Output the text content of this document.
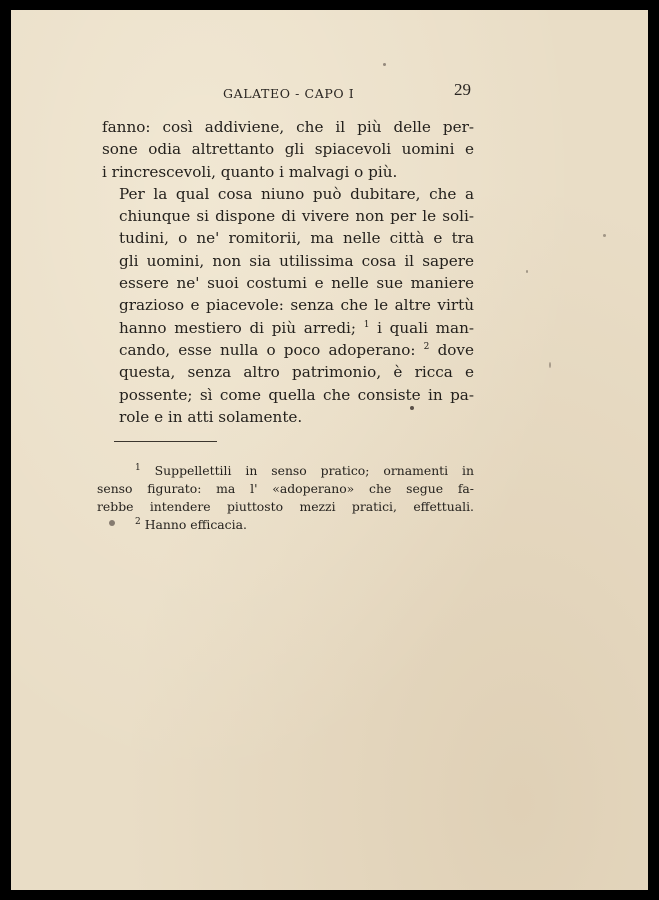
GALATEO - CAPO I	29

fanno: così addiviene, che il più delle per-
sone odia altrettanto gli spiacevoli uomini e
i rincrescevoli, quanto i malvagi o più.

Per la qual cosa niuno può dubitare, che a
chiunque si dispone di vivere non per le soli-
tudini, o ne' romitorii, ma nelle città e tra
gli uomini, non sia utilissima cosa il sapere
essere ne' suoi costumi e nelle sue maniere
grazioso e piacevole: senza che le altre virtù
hanno mestiero di più arredi; $^1$ i quali man-
cando, esse nulla o poco adoperano: $^2$ dove
questa, senza altro patrimonio, è ricca e
possente; sì come quella che consiste in pa-
role e in atti solamente.

$^1$ Suppellettili in senso pratico; ornamenti in
senso figurato: ma l' «adoperano» che segue fa-
rebbe intendere piuttosto mezzi pratici, effettuali.

$^2$ Hanno efficacia.
